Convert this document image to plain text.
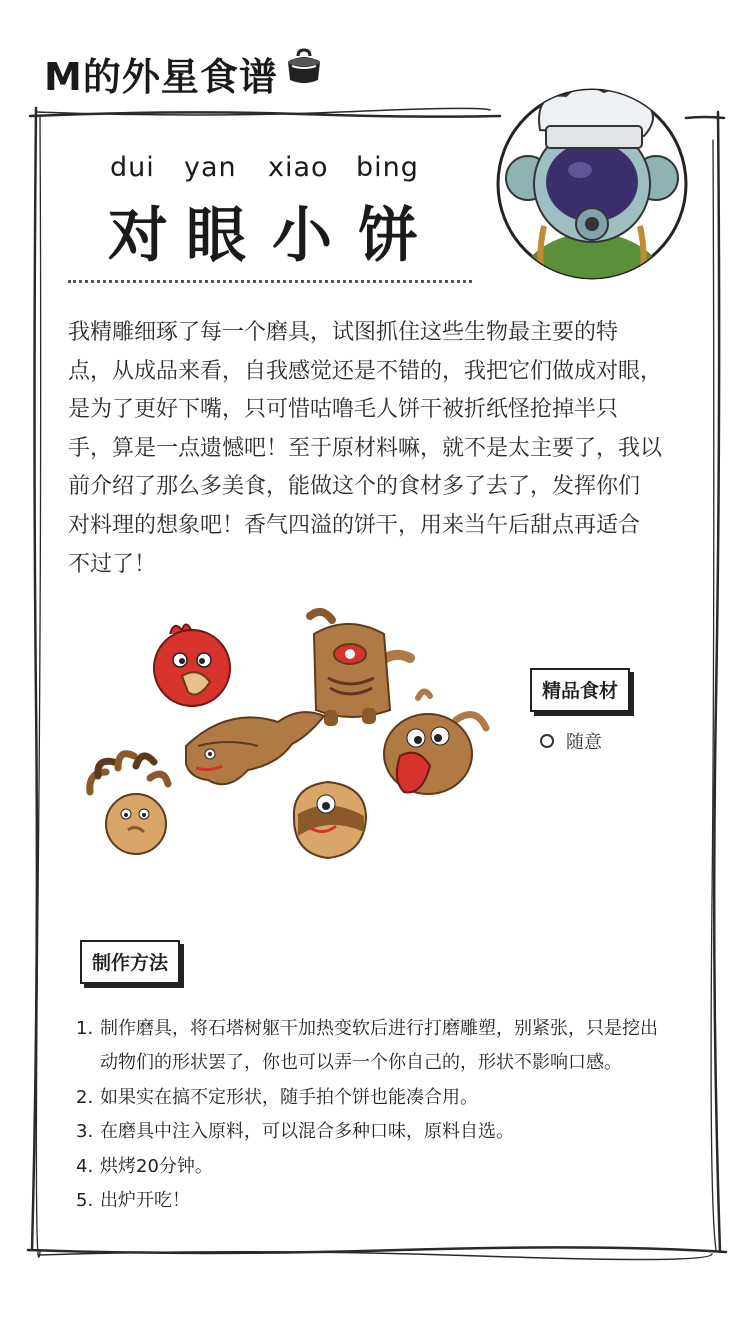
M的外星食谱
dui yan xiao bing
对 眼 小 饼
我精雕细琢了每一个磨具，试图抓住这些生物最主要的特
点，从成品来看，自我感觉还是不错的，我把它们做成对眼，
是为了更好下嘴，只可惜咕噜毛人饼干被折纸怪抢掉半只
手，算是一点遗憾吧！至于原材料嘛，就不是太主要了，我以
前介绍了那么多美食，能做这个的食材多了去了，发挥你们
对料理的想象吧！香气四溢的饼干，用来当午后甜点再适合
不过了！
精品食材
随意
制作方法
1. 制作磨具，将石塔树躯干加热变软后进行打磨雕塑，别紧张，只是挖出
动物们的形状罢了，你也可以弄一个你自己的，形状不影响口感。
2. 如果实在搞不定形状，随手拍个饼也能凑合用。
3. 在磨具中注入原料，可以混合多种口味，原料自选。
4. 烘烤20分钟。
5. 出炉开吃！
